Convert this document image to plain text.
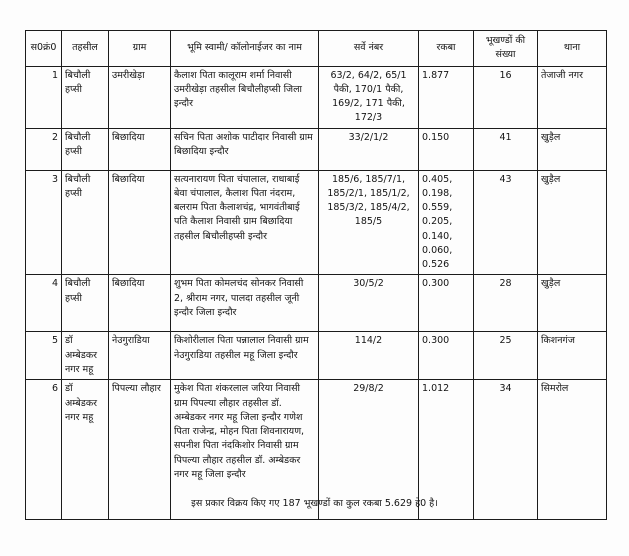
स0क्रं0	तहसील	ग्राम	भूमि स्वामी/ कॉलोनाईजर का नाम	सर्वे नंबर	रकबा	भूखण्डों की संख्या	थाना
1	बिचौली हप्सी	उमरीखेड़ा	कैलाश पिता कालूराम शर्मा निवासी उमरीखेड़ा तहसील बिचौलीहप्सी जिला इन्दौर	63/2, 64/2, 65/1 पैकी, 170/1 पैकी, 169/2, 171 पैकी, 172/3	1.877	16	तेजाजी नगर
2	बिचौली हप्सी	बिछादिया	सचिन पिता अशोक पाटीदार निवासी ग्राम बिछादिया इन्दौर	33/2/1/2	0.150	41	खुड़ैल
3	बिचौली हप्सी	बिछादिया	सत्यनारायण पिता चंपालाल, राधाबाई बेवा चंपालाल, कैलाश पिता नंदराम, बलराम पिता कैलाशचंद्र, भागवंतीबाई पति कैलाश निवासी ग्राम बिछादिया तहसील बिचौलीहप्सी इन्दौर	185/6, 185/7/1, 185/2/1, 185/1/2, 185/3/2, 185/4/2, 185/5	0.405, 0.198, 0.559, 0.205, 0.140, 0.060, 0.526	43	खुड़ैल
4	बिचौली हप्सी	बिछादिया	शुभम पिता कोमलचंद सोनकर निवासी 2, श्रीराम नगर, पालदा तहसील जूनी इन्दौर जिला इन्दौर	30/5/2	0.300	28	खुड़ैल
5	डॉ अम्बेडकर नगर महू	नेउगुराडिया	किशोरीलाल पिता पन्नालाल निवासी ग्राम नेउगुराडिया तहसील महू जिला इन्दौर	114/2	0.300	25	किशनगंज
6	डॉ अम्बेडकर नगर महू	पिपल्या लौहार	मुकेश पिता शंकरलाल जरिया निवासी ग्राम पिपल्या लौहार तहसील डॉ. अम्बेडकर नगर महू जिला इन्दौर गणेश पिता राजेन्द्र, मोहन पिता शिवनारायण, सपनीश पिता नंदकिशोर निवासी ग्राम पिपल्या लौहार तहसील डॉ. अम्बेडकर नगर महू जिला इन्दौर	29/8/2	1.012	34	सिमरोल
इस प्रकार विक्रय किए गए 187 भूखण्डों का कुल रकबा 5.629 हे0 है।
